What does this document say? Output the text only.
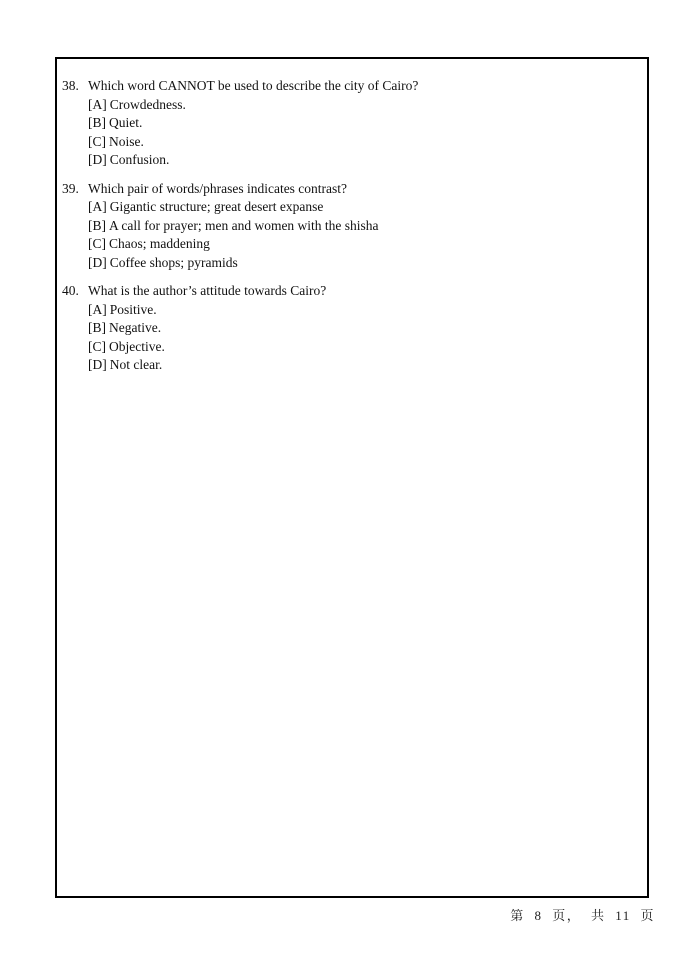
38. Which word CANNOT be used to describe the city of Cairo?
[A] Crowdedness.
[B] Quiet.
[C] Noise.
[D] Confusion.
39. Which pair of words/phrases indicates contrast?
[A] Gigantic structure; great desert expanse
[B] A call for prayer; men and women with the shisha
[C] Chaos; maddening
[D] Coffee shops; pyramids
40. What is the author’s attitude towards Cairo?
[A] Positive.
[B] Negative.
[C] Objective.
[D] Not clear.
第 8 页， 共 11 页
